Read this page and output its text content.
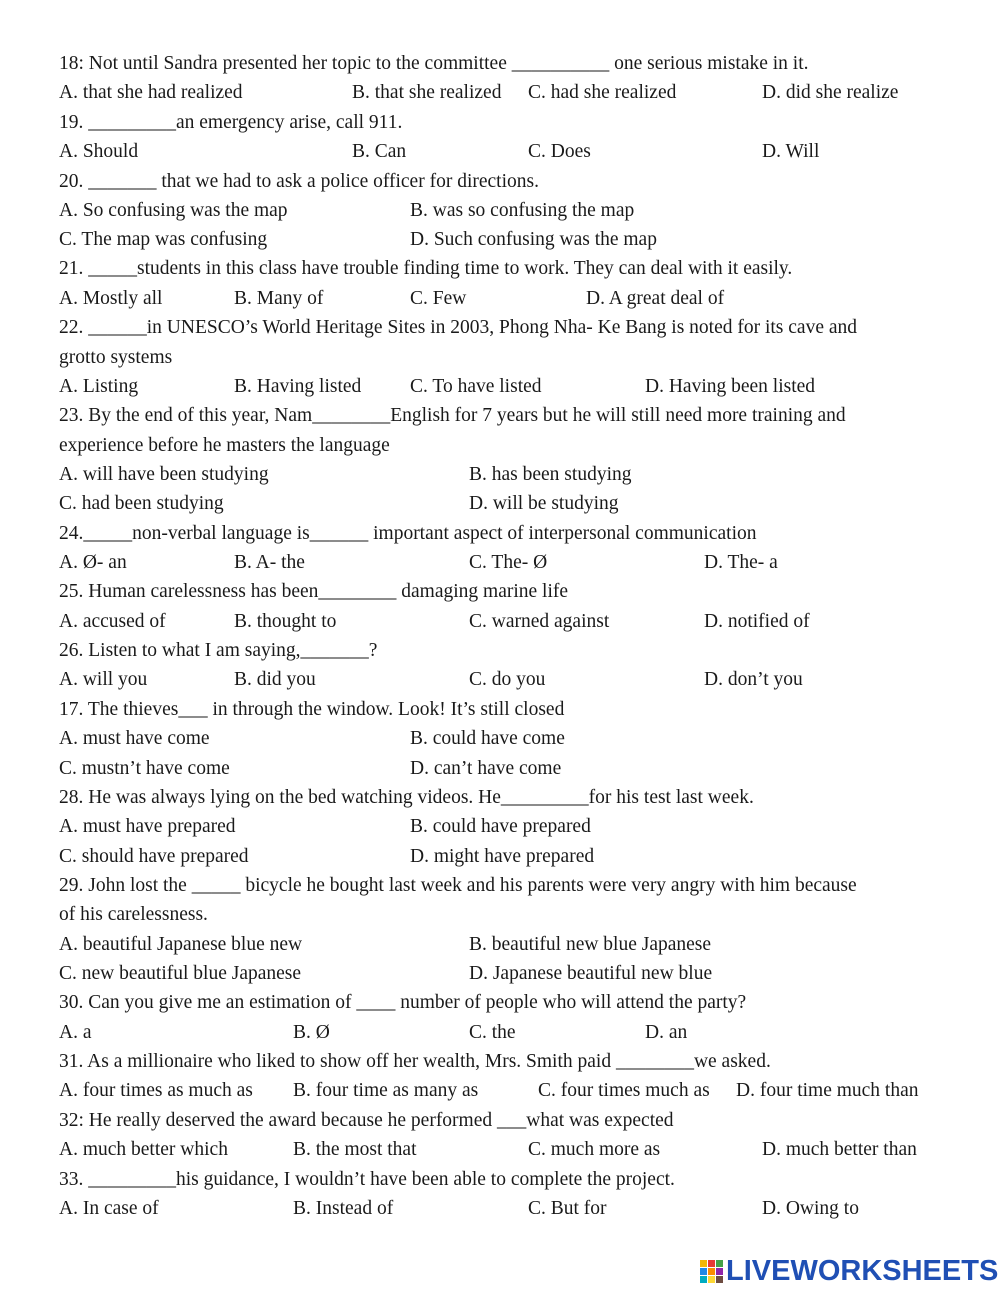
18: Not until Sandra presented her topic to the committee __________ one serious mistake in it.
A. that she had realized	B. that she realized C. had she realized	D. did she realize
19. _________an emergency arise, call 911.
A. Should	B. Can	C. Does	D. Will
20. _______ that we had to ask a police officer for directions.
A. So confusing was the map	B. was so confusing the map
C. The map was confusing	D. Such confusing was the map
21. _____students in this class have trouble finding time to work. They can deal with it easily.
A. Mostly all	B. Many of	C. Few	D. A great deal of
22. ______in UNESCO’s World Heritage Sites in 2003, Phong Nha- Ke Bang is noted for its cave and
grotto systems
A. Listing	B. Having listed C. To have listed	D. Having been listed
23. By the end of this year, Nam________English for 7 years but he will still need more training and
experience before he masters the language
A. will have been studying	B. has been studying
C. had been studying	D. will be studying
24._____non-verbal language is______ important aspect of interpersonal communication
A. Ø- an	B. A- the	C. The- Ø	D. The- a
25. Human carelessness has been________ damaging marine life
A. accused of	B. thought to	C. warned against	D. notified of
26. Listen to what I am saying,_______?
A. will you	B. did you	C. do you	D. don’t you
17. The thieves___ in through the window. Look! It’s still closed
A. must have come	B. could have come
C. mustn’t have come	D. can’t have come
28. He was always lying on the bed watching videos. He_________for his test last week.
A. must have prepared	B. could have prepared
C. should have prepared	D. might have prepared
29. John lost the _____ bicycle he bought last week and his parents were very angry with him because
of his carelessness.
A. beautiful Japanese blue new	B. beautiful new blue Japanese
C. new beautiful blue Japanese	D. Japanese beautiful new blue
30. Can you give me an estimation of ____ number of people who will attend the party?
A. a	B. Ø	C. the	D. an
31. As a millionaire who liked to show off her wealth, Mrs. Smith paid ________we asked.
A. four times as much as B. four time as many as	C. four times much as D. four time much than
32: He really deserved the award because he performed ___what was expected
A. much better which	B. the most that	C. much more as	D. much better than
33. _________his guidance, I wouldn’t have been able to complete the project.
A. In case of	B. Instead of	C. But for	D. Owing to
LIVEWORKSHEETS
